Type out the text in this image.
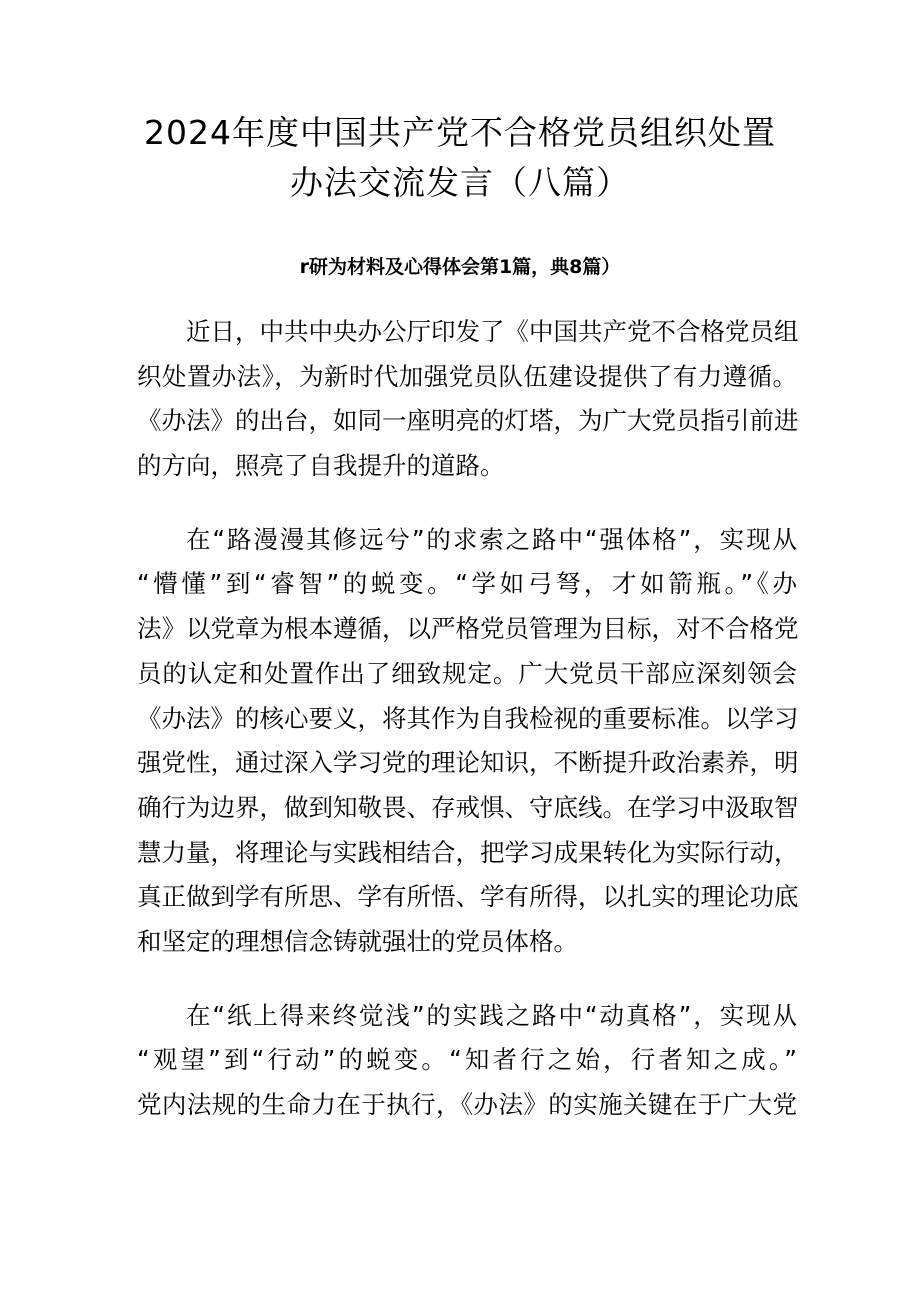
2024年度中国共产党不合格党员组织处置
办法交流发言（八篇）
r研为材料及心得体会第1篇，典8篇）
近日，中共中央办公厅印发了《中国共产党不合格党员组
织处置办法》，为新时代加强党员队伍建设提供了有力遵循。
《办法》的出台，如同一座明亮的灯塔，为广大党员指引前进
的方向，照亮了自我提升的道路。
在“路漫漫其修远兮”的求索之路中“强体格”，实现从
“懵懂”到“睿智”的蜕变。“学如弓弩，才如箭瓶。”《办
法》以党章为根本遵循，以严格党员管理为目标，对不合格党
员的认定和处置作出了细致规定。广大党员干部应深刻领会
《办法》的核心要义，将其作为自我检视的重要标准。以学习
强党性，通过深入学习党的理论知识，不断提升政治素养，明
确行为边界，做到知敬畏、存戒惧、守底线。在学习中汲取智
慧力量，将理论与实践相结合，把学习成果转化为实际行动，
真正做到学有所思、学有所悟、学有所得，以扎实的理论功底
和坚定的理想信念铸就强壮的党员体格。
在“纸上得来终觉浅”的实践之路中“动真格”，实现从
“观望”到“行动”的蜕变。“知者行之始，行者知之成。”
党内法规的生命力在于执行，《办法》的实施关键在于广大党
